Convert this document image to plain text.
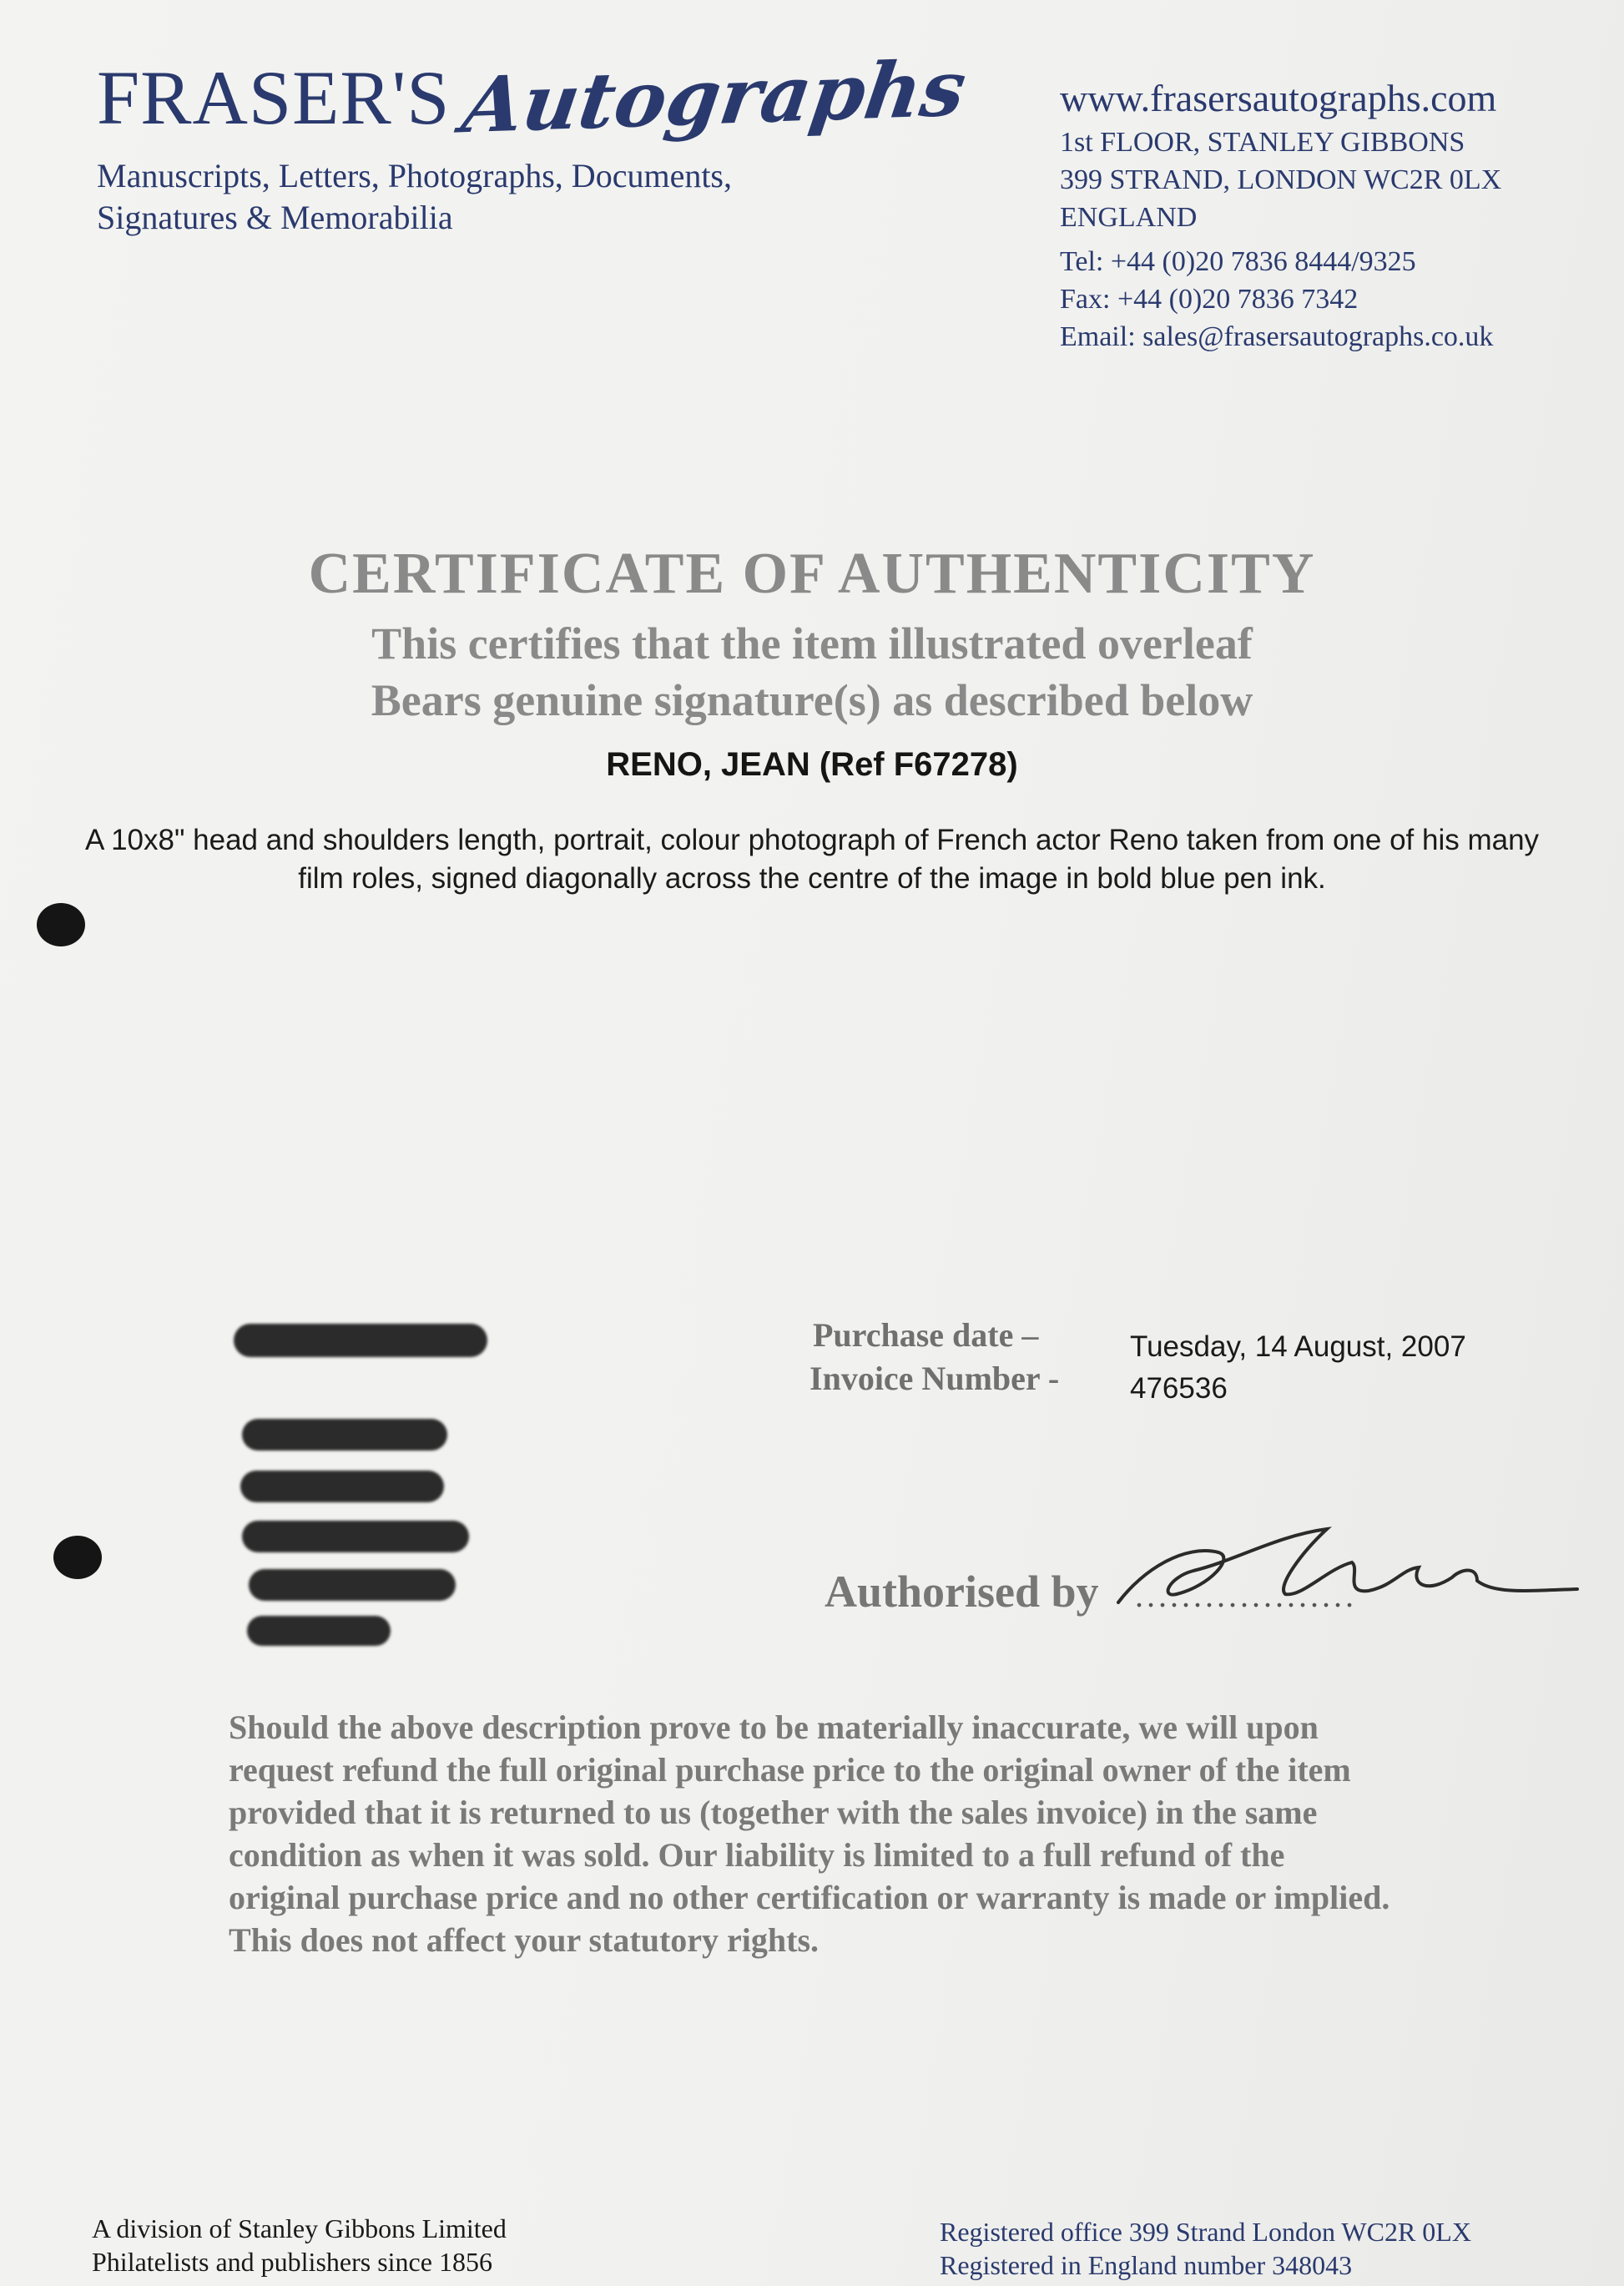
FRASER'SAutographs
Manuscripts, Letters, Photographs, Documents,
Signatures & Memorabilia
www.frasersautographs.com
1st FLOOR, STANLEY GIBBONS
399 STRAND, LONDON WC2R 0LX
ENGLAND
Tel: +44 (0)20 7836 8444/9325
Fax: +44 (0)20 7836 7342
Email: sales@frasersautographs.co.uk
CERTIFICATE OF AUTHENTICITY
This certifies that the item illustrated overleaf
Bears genuine signature(s) as described below
RENO, JEAN (Ref F67278)
A 10x8" head and shoulders length, portrait, colour photograph of French actor Reno taken from one of his many film roles, signed diagonally across the centre of the image in bold blue pen ink.
Purchase date –
Invoice Number -
Tuesday, 14 August, 2007
476536
Authorised by ...................
Should the above description prove to be materially inaccurate, we will upon request refund the full original purchase price to the original owner of the item provided that it is returned to us (together with the sales invoice) in the same condition as when it was sold. Our liability is limited to a full refund of the original purchase price and no other certification or warranty is made or implied. This does not affect your statutory rights.
A division of Stanley Gibbons Limited
Philatelists and publishers since 1856
Registered office 399 Strand London WC2R 0LX
Registered in England number 348043
